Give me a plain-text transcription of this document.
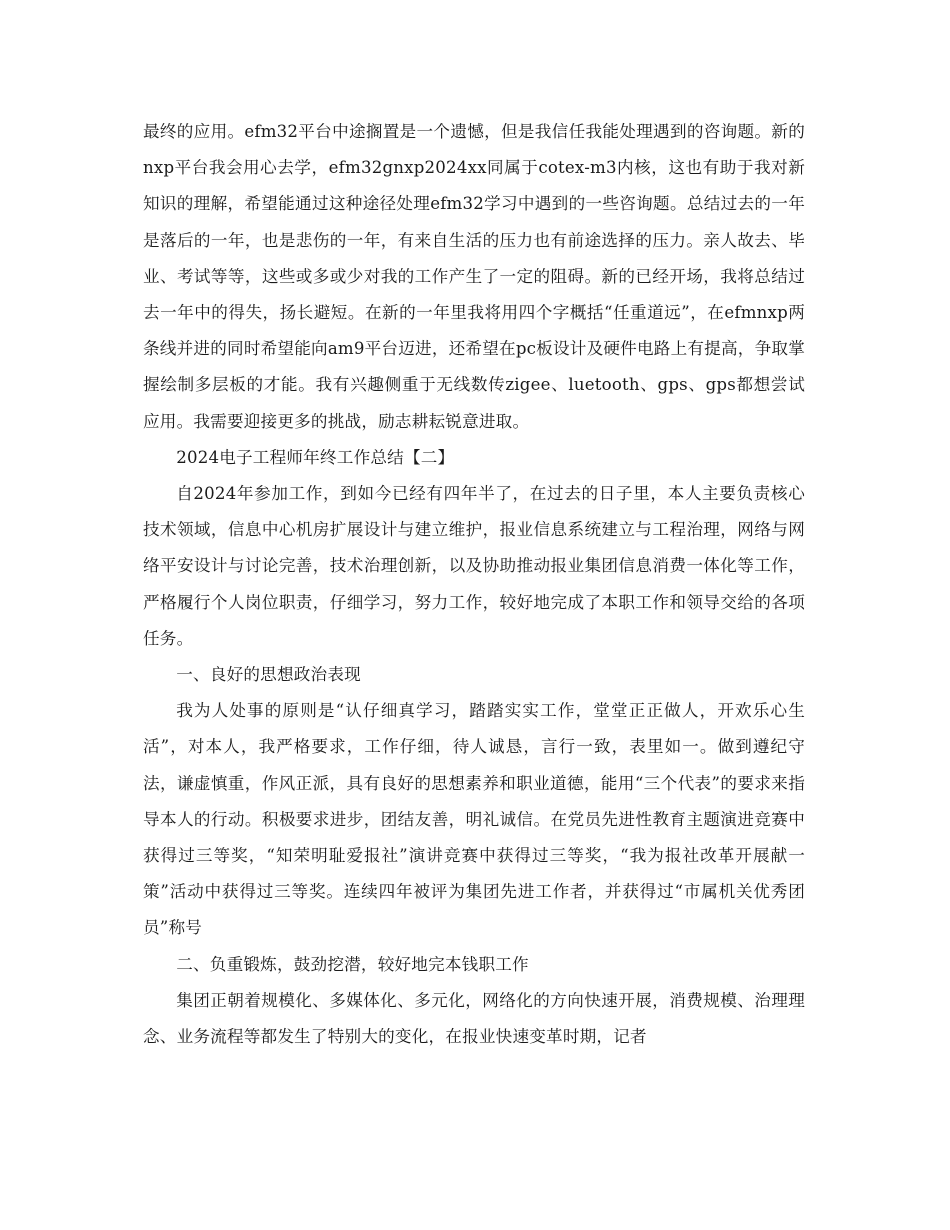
最终的应用。efm32平台中途搁置是一个遗憾，但是我信任我能处理遇到的咨询题。新的nxp平台我会用心去学，efm32gnxp2024xx同属于cotex-m3内核，这也有助于我对新知识的理解，希望能通过这种途径处理efm32学习中遇到的一些咨询题。总结过去的一年是落后的一年，也是悲伤的一年，有来自生活的压力也有前途选择的压力。亲人故去、毕业、考试等等，这些或多或少对我的工作产生了一定的阻碍。新的已经开场，我将总结过去一年中的得失，扬长避短。在新的一年里我将用四个字概括“任重道远”，在efmnxp两条线并进的同时希望能向am9平台迈进，还希望在pc板设计及硬件电路上有提高，争取掌握绘制多层板的才能。我有兴趣侧重于无线数传zigee、luetooth、gps、gps都想尝试应用。我需要迎接更多的挑战，励志耕耘锐意进取。

2024电子工程师年终工作总结【二】

自2024年参加工作，到如今已经有四年半了，在过去的日子里，本人主要负责核心技术领域，信息中心机房扩展设计与建立维护，报业信息系统建立与工程治理，网络与网络平安设计与讨论完善，技术治理创新，以及协助推动报业集团信息消费一体化等工作，严格履行个人岗位职责，仔细学习，努力工作，较好地完成了本职工作和领导交给的各项任务。

一、良好的思想政治表现

我为人处事的原则是“认仔细真学习，踏踏实实工作，堂堂正正做人，开欢乐心生活”，对本人，我严格要求，工作仔细，待人诚恳，言行一致，表里如一。做到遵纪守法，谦虚慎重，作风正派，具有良好的思想素养和职业道德，能用“三个代表”的要求来指导本人的行动。积极要求进步，团结友善，明礼诚信。在党员先进性教育主题演进竞赛中获得过三等奖，“知荣明耻爱报社”演讲竞赛中获得过三等奖，“我为报社改革开展献一策”活动中获得过三等奖。连续四年被评为集团先进工作者，并获得过“市属机关优秀团员”称号

二、负重锻炼，鼓劲挖潜，较好地完本钱职工作

集团正朝着规模化、多媒体化、多元化，网络化的方向快速开展，消费规模、治理理念、业务流程等都发生了特别大的变化，在报业快速变革时期，记者
